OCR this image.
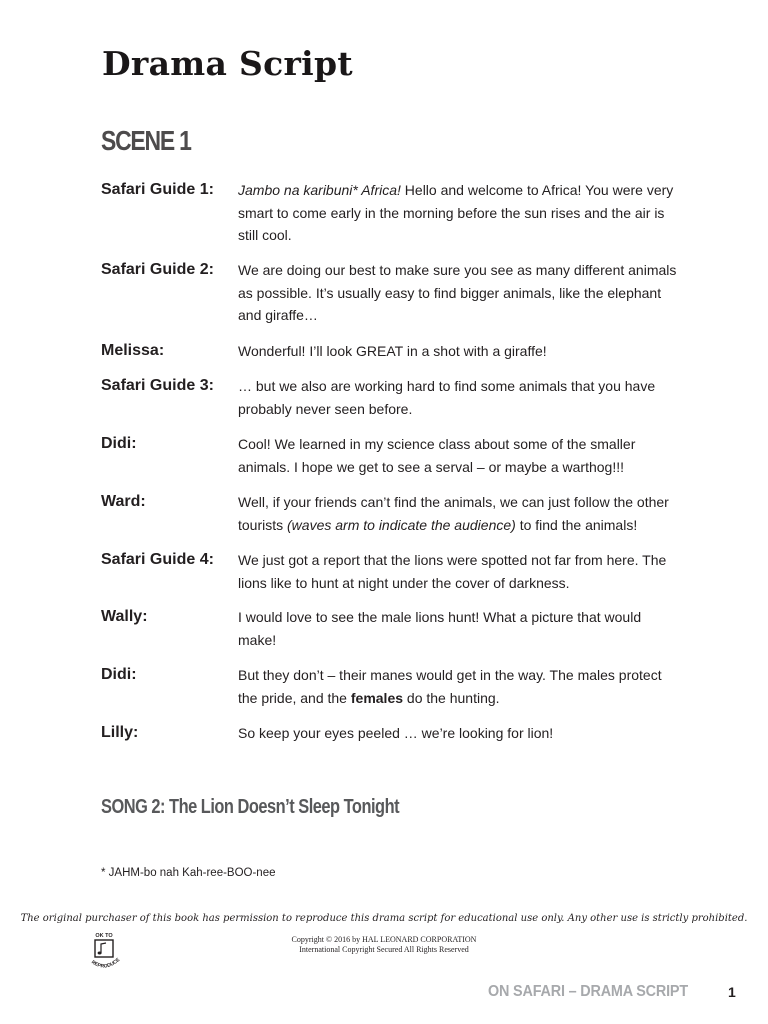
Drama Script
SCENE 1
Safari Guide 1: Jambo na karibuni* Africa! Hello and welcome to Africa! You were very smart to come early in the morning before the sun rises and the air is still cool.
Safari Guide 2: We are doing our best to make sure you see as many different animals as possible. It’s usually easy to find bigger animals, like the elephant and giraffe…
Melissa:	Wonderful! I’ll look GREAT in a shot with a giraffe!
Safari Guide 3: … but we also are working hard to find some animals that you have probably never seen before.
Didi:	Cool! We learned in my science class about some of the smaller animals. I hope we get to see a serval – or maybe a warthog!!!
Ward:	Well, if your friends can’t find the animals, we can just follow the other tourists (waves arm to indicate the audience) to find the animals!
Safari Guide 4: We just got a report that the lions were spotted not far from here. The lions like to hunt at night under the cover of darkness.
Wally:	I would love to see the male lions hunt! What a picture that would make!
Didi:	But they don’t – their manes would get in the way. The males protect the pride, and the females do the hunting.
Lilly:	So keep your eyes peeled … we’re looking for lion!
SONG 2: The Lion Doesn’t Sleep Tonight
* JAHM-bo nah Kah-ree-BOO-nee
The original purchaser of this book has permission to reproduce this drama script for educational use only. Any other use is strictly prohibited.
OK TO
REPRODUCE
Copyright © 2016 by HAL LEONARD CORPORATION
International Copyright Secured All Rights Reserved
ON SAFARI – DRAMA SCRIPT	1
